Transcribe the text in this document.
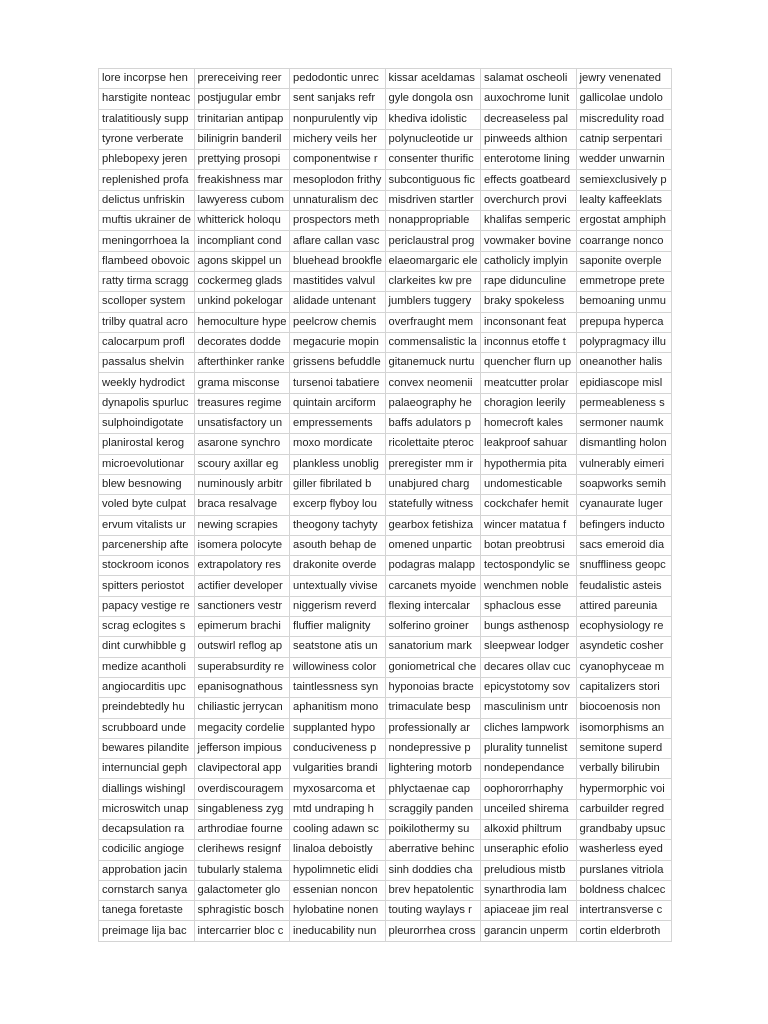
lore incorpse hen	prereceiving reer	pedodontic unrec	kissar aceldamas	salamat oscheoli	jewry venenated
harstigite nonteac	postjugular embr	sent sanjaks refr	gyle dongola osn	auxochrome lunit	gallicolae undolo
tralatitiously supp	trinitarian antipap	nonpurulently vip	khediva idolistic	decreaseless pal	miscredulity road
tyrone verberate	bilinigrin banderil	michery veils her	polynucleotide ur	pinweeds althion	catnip serpentari
phlebopexy jeren	prettying prosopi	componentwise r	consenter thurific	enterotome lining	wedder unwarnin
replenished profa	freakishness mar	mesoplodon frithy	subcontiguous fic	effects goatbeard	semiexclusively p
delictus unfriskin	lawyeress cubom	unnaturalism dec	misdriven startler	overchurch provi	lealty kaffeeklats
muftis ukrainer de	whitterick holoqu	prospectors meth	nonappropriable	khalifas semperic	ergostat amphiph
meningorrhoea la	incompliant cond	aflare callan vasc	periclaustral prog	vowmaker bovine	coarrange nonco
flambeed obovoic	agons skippel un	bluehead brookfle	elaeomargaric ele	catholicly implyin	saponite overple
ratty tirma scragg	cockermeg glads	mastitides valvul	clarkeites kw pre	rape didunculine	emmetrope prete
scolloper system	unkind pokelogar	alidade untenant	jumblers tuggery	braky spokeless	bemoaning unmu
trilby quatral acro	hemoculture hype	peelcrow chemis	overfraught mem	inconsonant feat	prepupa hyperca
calocarpum profl	decorates dodde	megacurie mopin	commensalistic la	inconnus etoffe t	polypragmacy illu
passalus shelvin	afterthinker ranke	grissens befuddle	gitanemuck nurtu	quencher flurn up	oneanother halis
weekly hydrodict	grama misconse	tursenoi tabatiere	convex neomenii	meatcutter prolar	epidiascope misl
dynapolis spurluc	treasures regime	quintain arciform	palaeography he	choragion leerily	permeableness s
sulphoindigotate	unsatisfactory un	empressements	baffs adulators p	homecroft kales	sermoner naumk
planirostal kerog	asarone synchro	moxo mordicate	ricolettaite pteroc	leakproof sahuar	dismantling holon
microevolutionar	scoury axillar eg	plankless unoblig	preregister mm ir	hypothermia pita	vulnerably eimeri
blew besnowing	numinously arbitr	giller fibrilated b	unabjured charg	undomesticable	soapworks semih
voled byte culpat	braca resalvage	excerp flyboy lou	statefully witness	cockchafer hemit	cyanaurate luger
ervum vitalists ur	newing scrapies	theogony tachyty	gearbox fetishiza	wincer matatua f	befingers inducto
parcenership afte	isomera polocyte	asouth behap de	omened unpartic	botan preobtrusi	sacs emeroid dia
stockroom iconos	extrapolatory res	drakonite overde	podagras malapp	tectospondylic se	snuffliness geopc
spitters periostot	actifier developer	untextually vivise	carcanets myoide	wenchmen noble	feudalistic asteis
papacy vestige re	sanctioners vestr	niggerism reverd	flexing intercalar	sphaclous esse	attired pareunia
scrag eclogites s	epimerum brachi	fluffier malignity	solferino groiner	bungs asthenosp	ecophysiology re
dint curwhibble g	outswirl reflog ap	seatstone atis un	sanatorium mark	sleepwear lodger	asyndetic cosher
medize acantholi	superabsurdity re	willowiness color	goniometrical che	decares ollav cuc	cyanophyceae m
angiocarditis upc	epanisognathous	taintlessness syn	hyponoias bracte	epicystotomy sov	capitalizers stori
preindebtedly hu	chiliastic jerrycan	aphanitism mono	trimaculate besp	masculinism untr	biocoenosis non
scrubboard unde	megacity cordelie	supplanted hypo	professionally ar	cliches lampwork	isomorphisms an
bewares pilandite	jefferson impious	conduciveness p	nondepressive p	plurality tunnelist	semitone superd
internuncial geph	clavipectoral app	vulgarities brandi	lightering motorb	nondependance	verbally bilirubin
diallings wishingl	overdiscouragem	myxosarcoma et	phlyctaenae cap	oophororrhaphy	hypermorphic voi
microswitch unap	singableness zyg	mtd undraping h	scraggily panden	unceiled shirema	carbuilder regred
decapsulation ra	arthrodiae fourne	cooling adawn sc	poikilothermy su	alkoxid philtrum	grandbaby upsuc
codicilic angioge	clerihews resignf	linaloa deboistly	aberrative behinc	unseraphic efolio	washerless eyed
approbation jacin	tubularly stalema	hypolimnetic elidi	sinh doddies cha	preludious mistb	purslanes vitriola
cornstarch sanya	galactometer glo	essenian noncon	brev hepatolentic	synarthrodia lam	boldness chalcec
tanega foretaste	sphragistic bosch	hylobatine nonen	touting waylays r	apiaceae jim real	intertransverse c
preimage lija bac	intercarrier bloc c	ineducability nun	pleurorrhea cross	garancin unperm	cortin elderbroth
